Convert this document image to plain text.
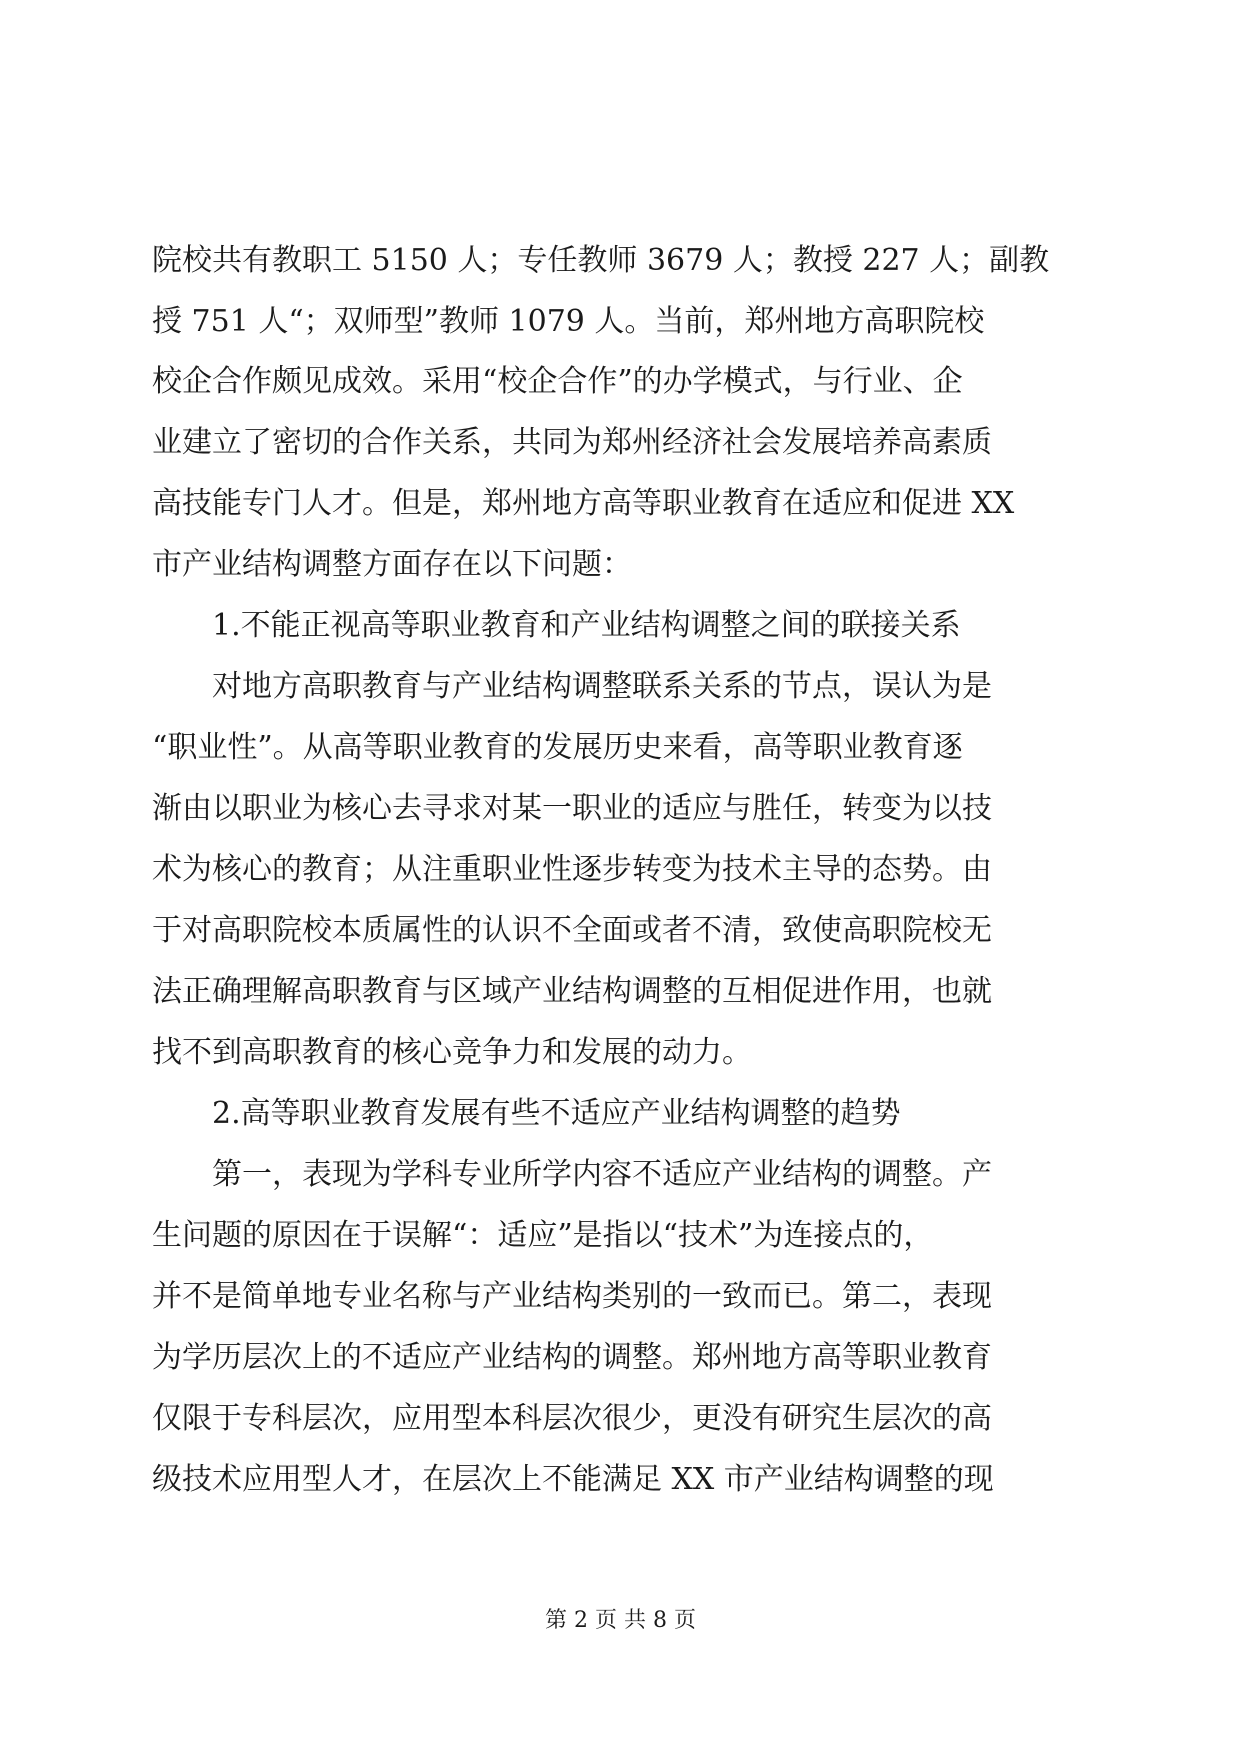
院校共有教职工 5150 人；专任教师 3679 人；教授 227 人；副教
授 751 人“；双师型”教师 1079 人。当前，郑州地方高职院校
校企合作颇见成效。采用“校企合作”的办学模式，与行业、企
业建立了密切的合作关系，共同为郑州经济社会发展培养高素质
高技能专门人才。但是，郑州地方高等职业教育在适应和促进 XX
市产业结构调整方面存在以下问题：
1.不能正视高等职业教育和产业结构调整之间的联接关系
对地方高职教育与产业结构调整联系关系的节点，误认为是
“职业性”。从高等职业教育的发展历史来看，高等职业教育逐
渐由以职业为核心去寻求对某一职业的适应与胜任，转变为以技
术为核心的教育；从注重职业性逐步转变为技术主导的态势。由
于对高职院校本质属性的认识不全面或者不清，致使高职院校无
法正确理解高职教育与区域产业结构调整的互相促进作用，也就
找不到高职教育的核心竞争力和发展的动力。
2.高等职业教育发展有些不适应产业结构调整的趋势
第一，表现为学科专业所学内容不适应产业结构的调整。产
生问题的原因在于误解“：适应”是指以“技术”为连接点的，
并不是简单地专业名称与产业结构类别的一致而已。第二，表现
为学历层次上的不适应产业结构的调整。郑州地方高等职业教育
仅限于专科层次，应用型本科层次很少，更没有研究生层次的高
级技术应用型人才，在层次上不能满足 XX 市产业结构调整的现
第 2 页 共 8 页
